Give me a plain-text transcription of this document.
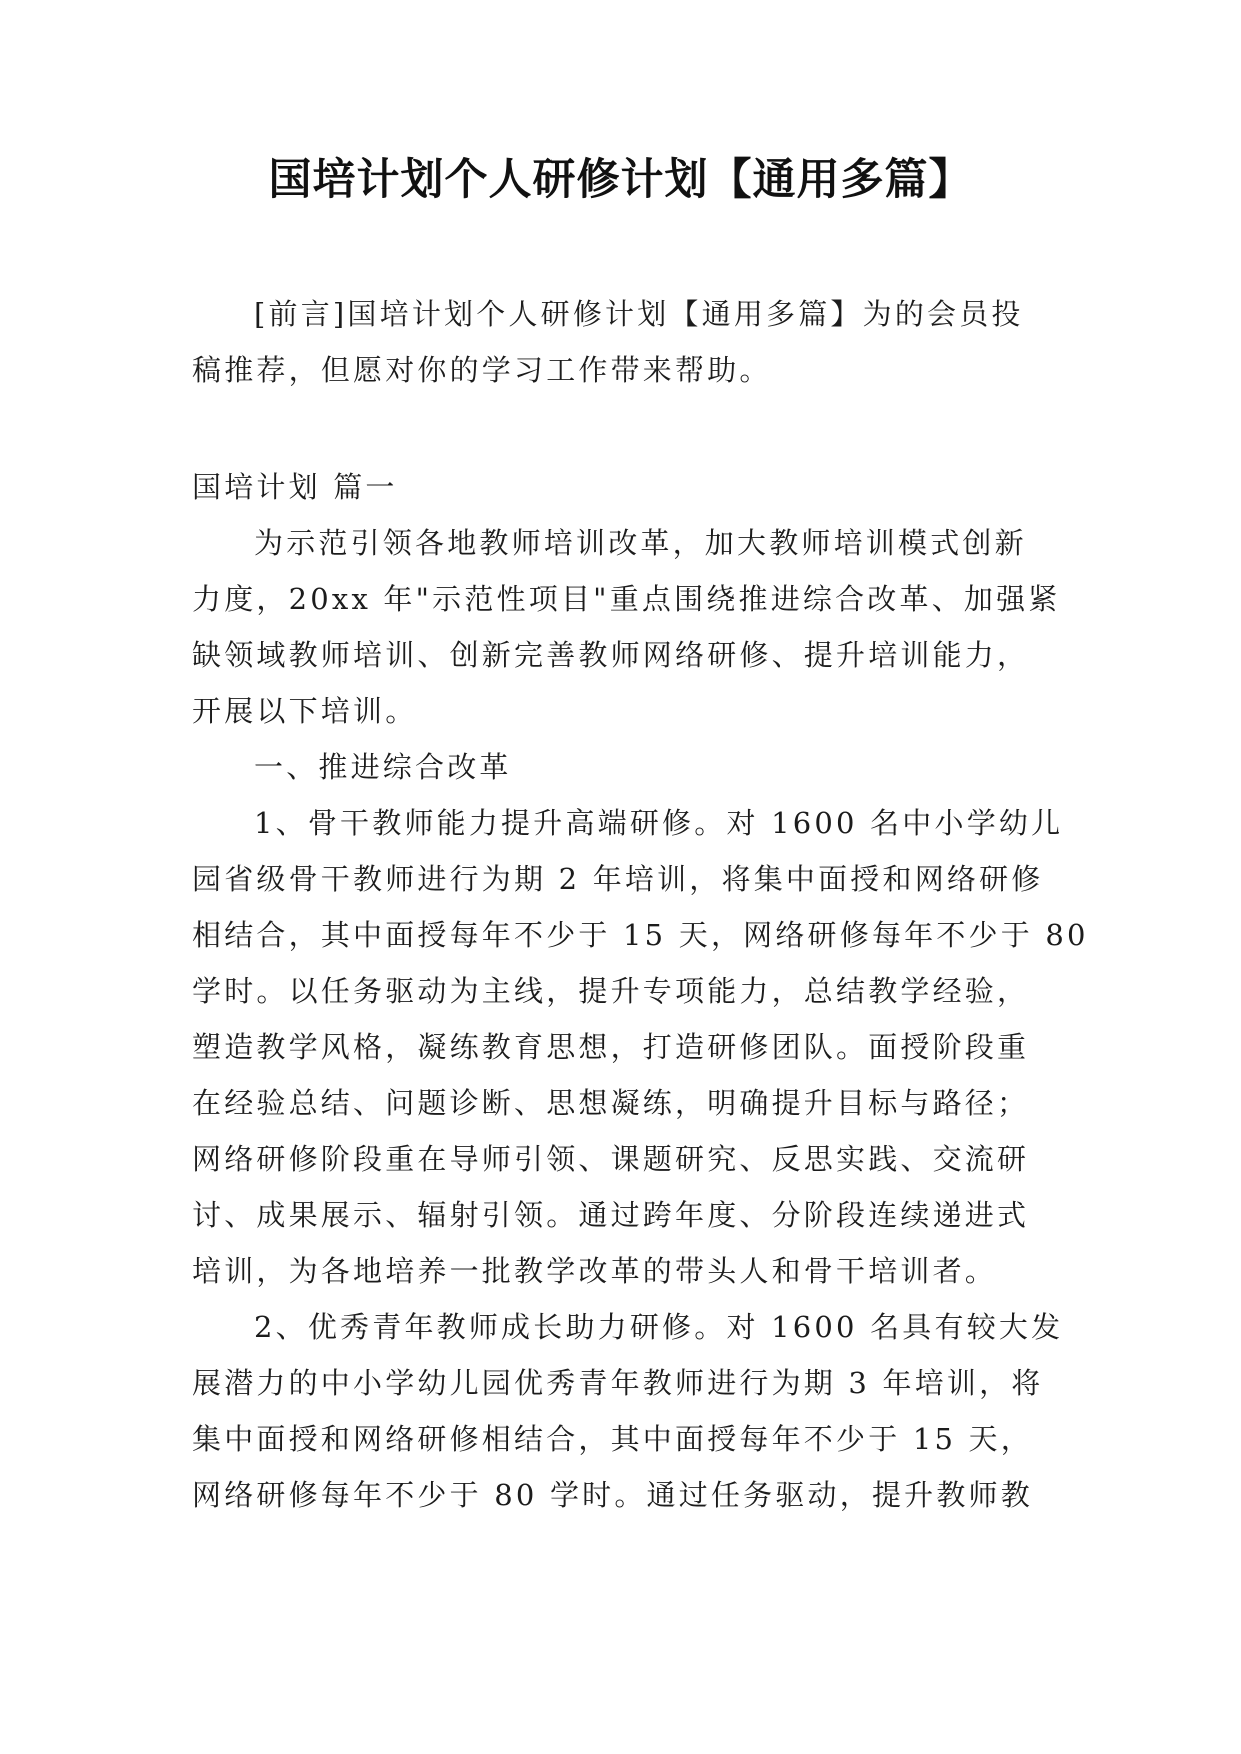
国培计划个人研修计划【通用多篇】
[前言]国培计划个人研修计划【通用多篇】为的会员投
稿推荐，但愿对你的学习工作带来帮助。
国培计划 篇一
为示范引领各地教师培训改革，加大教师培训模式创新
力度，20xx 年"示范性项目"重点围绕推进综合改革、加强紧
缺领域教师培训、创新完善教师网络研修、提升培训能力，
开展以下培训。
一、推进综合改革
1、骨干教师能力提升高端研修。对 1600 名中小学幼儿
园省级骨干教师进行为期 2 年培训，将集中面授和网络研修
相结合，其中面授每年不少于 15 天，网络研修每年不少于 80
学时。以任务驱动为主线，提升专项能力，总结教学经验，
塑造教学风格，凝练教育思想，打造研修团队。面授阶段重
在经验总结、问题诊断、思想凝练，明确提升目标与路径；
网络研修阶段重在导师引领、课题研究、反思实践、交流研
讨、成果展示、辐射引领。通过跨年度、分阶段连续递进式
培训，为各地培养一批教学改革的带头人和骨干培训者。
2、优秀青年教师成长助力研修。对 1600 名具有较大发
展潜力的中小学幼儿园优秀青年教师进行为期 3 年培训，将
集中面授和网络研修相结合，其中面授每年不少于 15 天，
网络研修每年不少于 80 学时。通过任务驱动，提升教师教
